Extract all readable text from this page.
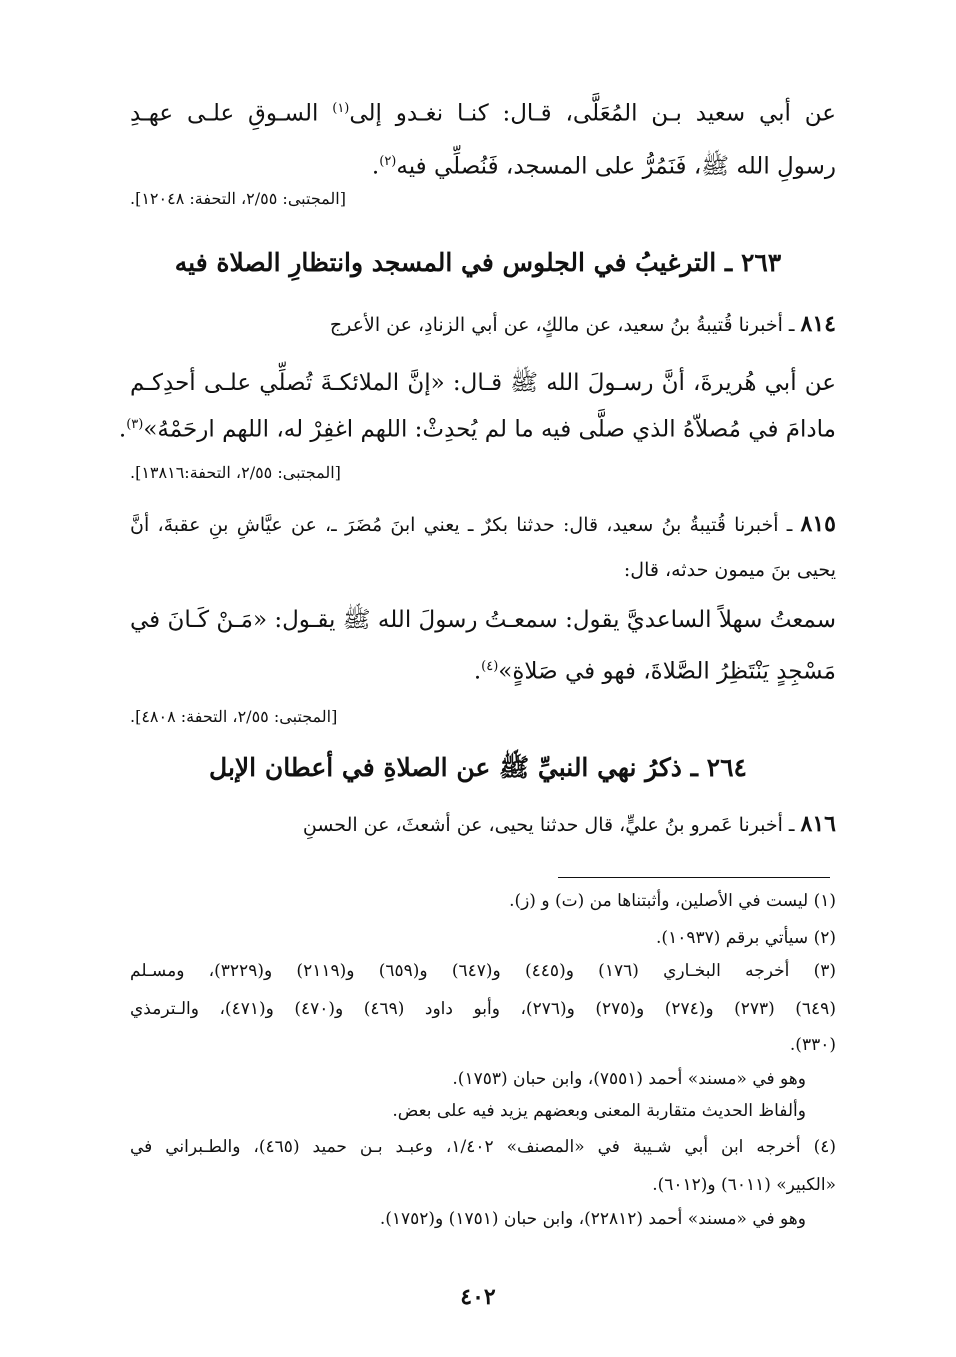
عن أبي سعيد بـن المُعَلَّى، قـال: كنـا نغـدو إلى$^{(١)}$ السـوقِ علـى عهـدِ
رسولِ الله ﷺ، فَنَمُرُّ على المسجد، فَنُصلِّي فيه$^{(٢)}$.
[المجتبى: ٢/٥٥، التحفة: ١٢٠٤٨].
٢٦٣ ـ الترغيبُ في الجلوس في المسجد وانتظارِ الصلاة فيه
٨١٤ ـ أخبرنا قُتيبةُ بنُ سعيد، عن مالكٍ، عن أبي الزنادِ، عن الأعرج
عن أبي هُريرةَ، أنَّ رسـولَ الله ﷺ قـال: «إنَّ الملائكـةَ تُصلِّي علـى أحدِكـم
مادامَ في مُصلاّهُ الذي صلَّى فيه ما لم يُحدِثْ: اللهم اغفِرْ له، اللهم ارحَمْهُ»$^{(٣)}$.
[المجتبى: ٢/٥٥، التحفة:١٣٨١٦].
٨١٥ ـ أخبرنا قُتيبةُ بنُ سعيد، قال: حدثنا بكرٌ ـ يعني ابنَ مُضَرَ ـ، عن عيَّاشِ بنِ عقبةَ، أنَّ
يحيى بنَ ميمون حدثه، قال:
سمعتُ سهلاً الساعديَّ يقول: سمعـتُ رسولَ الله ﷺ يقـول: «مَـنْ كَـانَ في
مَسْجِدٍ يَنْتَظِرُ الصَّلاةَ، فهو في صَلاةٍ»$^{(٤)}$.
[المجتبى: ٢/٥٥، التحفة: ٤٨٠٨].
٢٦٤ ـ ذكرُ نهي النبيِّ ﷺ عن الصلاةِ في أعطان الإبل
٨١٦ ـ أخبرنا عَمرو بنُ عليٍّ، قال حدثنا يحيى، عن أشعثَ، عن الحسنِ
(١) ليست في الأصلين، وأثبتناها من (ت) و (ز).
(٢) سيأتي برقم (١٠٩٣٧).
(٣) أخرجه البخـاري (١٧٦) و(٤٤٥) و(٦٤٧) و(٦٥٩) و(٢١١٩) و(٣٢٢٩)، ومسـلم
(٦٤٩) (٢٧٣) و(٢٧٤) و(٢٧٥) و(٢٧٦)، وأبو داود (٤٦٩) و(٤٧٠) و(٤٧١)، والـترمذي
(٣٣٠).
وهو في «مسند» أحمد (٧٥٥١)، وابن حبان (١٧٥٣).
وألفاظ الحديث متقاربة المعنى وبعضهم يزيد فيه على بعض.
(٤) أخرجه ابن أبي شـيبة في «المصنف» ١/٤٠٢، وعبـد بـن حميد (٤٦٥)، والطـبراني في
«الكبير» (٦٠١١) و(٦٠١٢).
وهو في «مسند» أحمد (٢٢٨١٢)، وابن حبان (١٧٥١) و(١٧٥٢).
٤٠٢
